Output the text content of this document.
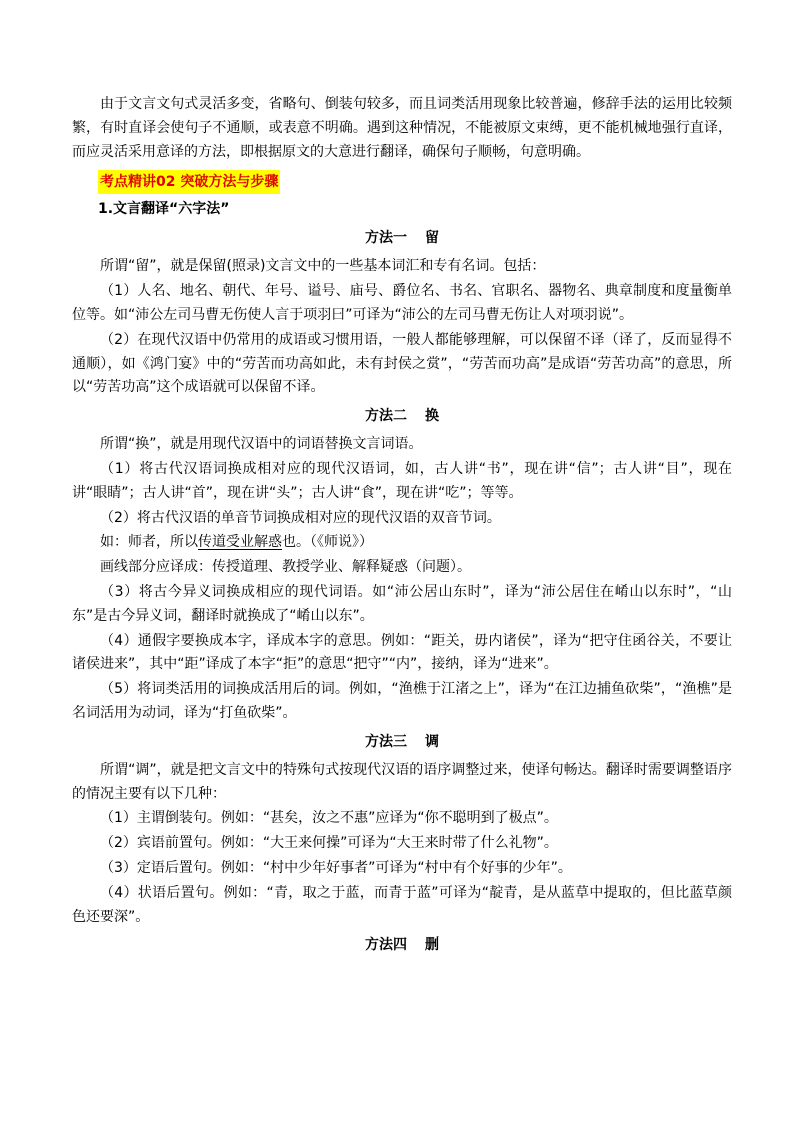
由于文言文句式灵活多变，省略句、倒装句较多，而且词类活用现象比较普遍，修辞手法的运用比较频繁，有时直译会使句子不通顺，或表意不明确。遇到这种情况，不能被原文束缚，更不能机械地强行直译，而应灵活采用意译的方法，即根据原文的大意进行翻译，确保句子顺畅，句意明确。

考点精讲02 突破方法与步骤
1.文言翻译“六字法”
方法一 留

所谓“留”，就是保留(照录)文言文中的一些基本词汇和专有名词。包括：

（1）人名、地名、朝代、年号、谥号、庙号、爵位名、书名、官职名、器物名、典章制度和度量衡单位等。如“沛公左司马曹无伤使人言于项羽曰”可译为“沛公的左司马曹无伤让人对项羽说”。

（2）在现代汉语中仍常用的成语或习惯用语，一般人都能够理解，可以保留不译（译了，反而显得不通顺），如《鸿门宴》中的“劳苦而功高如此，未有封侯之赏”，“劳苦而功高”是成语“劳苦功高”的意思，所以“劳苦功高”这个成语就可以保留不译。

方法二 换

所谓“换”，就是用现代汉语中的词语替换文言词语。

（1）将古代汉语词换成相对应的现代汉语词，如，古人讲“书”，现在讲“信”；古人讲“目”，现在讲“眼睛”；古人讲“首”，现在讲“头”；古人讲“食”，现在讲“吃”；等等。

（2）将古代汉语的单音节词换成相对应的现代汉语的双音节词。

如：师者，所以传道受业解惑也。（《师说》）

画线部分应译成：传授道理、教授学业、解释疑惑（问题）。

（3）将古今异义词换成相应的现代词语。如“沛公居山东时”，译为“沛公居住在崤山以东时”，“山东”是古今异义词，翻译时就换成了“崤山以东”。

（4）通假字要换成本字，译成本字的意思。例如：“距关，毋内诸侯”，译为“把守住函谷关，不要让诸侯进来”，其中“距”译成了本字“拒”的意思“把守”“内”，接纳，译为“进来”。

（5）将词类活用的词换成活用后的词。例如，“渔樵于江渚之上”，译为“在江边捕鱼砍柴”，“渔樵”是名词活用为动词，译为“打鱼砍柴”。

方法三 调

所谓“调”，就是把文言文中的特殊句式按现代汉语的语序调整过来，使译句畅达。翻译时需要调整语序的情况主要有以下几种：

（1）主谓倒装句。例如：“甚矣，汝之不惠”应译为“你不聪明到了极点”。

（2）宾语前置句。例如：“大王来何操”可译为“大王来时带了什么礼物”。

（3）定语后置句。例如：“村中少年好事者”可译为“村中有个好事的少年”。

（4）状语后置句。例如：“青，取之于蓝，而青于蓝”可译为“靛青，是从蓝草中提取的，但比蓝草颜色还要深”。

方法四 删
